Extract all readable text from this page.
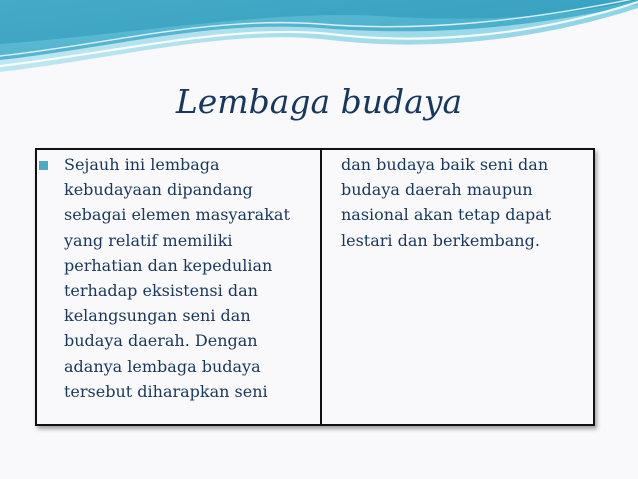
Lembaga budaya
Sejauh ini lembaga
kebudayaan dipandang
sebagai elemen masyarakat
yang relatif memiliki
perhatian dan kepedulian
terhadap eksistensi dan
kelangsungan seni dan
budaya daerah. Dengan
adanya lembaga budaya
tersebut diharapkan seni
dan budaya baik seni dan
budaya daerah maupun
nasional akan tetap dapat
lestari dan berkembang.
